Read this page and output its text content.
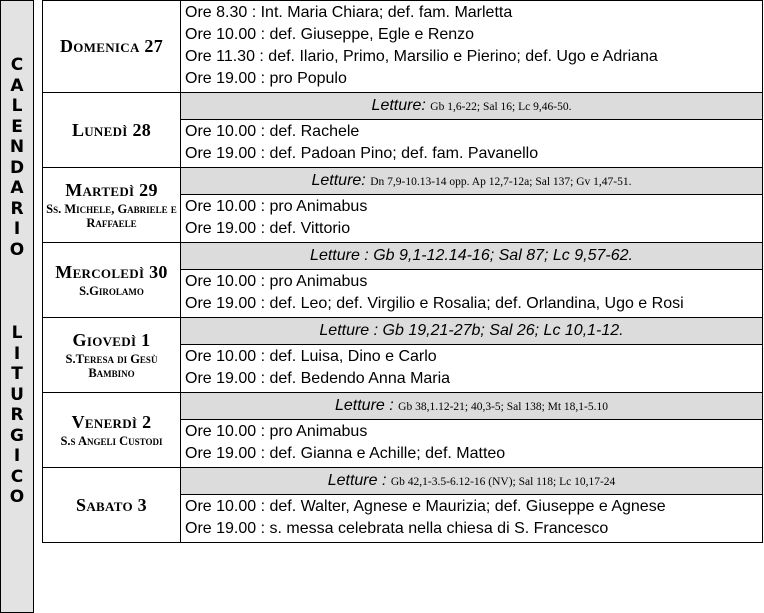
C
A
L
E
N
D
A
R
I
O
L
I
T
U
R
G
I
C
O
Domenica 27	Ore 8.30 : Int. Maria Chiara; def. fam. Marletta
Ore 10.00 : def. Giuseppe, Egle e Renzo
Ore 11.30 : def. Ilario, Primo, Marsilio e Pierino; def. Ugo e Adriana
Ore 19.00 : pro Populo

Lunedì 28	Letture: Gb 1,6-22; Sal 16; Lc 9,46-50.

	Ore 10.00 : def. Rachele
Ore 19.00 : def. Padoan Pino; def. fam. Pavanello

Martedì 29
Ss. Michele, Gabriele e Raffaele	Letture: Dn 7,9-10.13-14 opp. Ap 12,7-12a; Sal 137; Gv 1,47-51.

	Ore 10.00 : pro Animabus
Ore 19.00 : def. Vittorio

Mercoledì 30
S.Girolamo	Letture : Gb 9,1-12.14-16; Sal 87; Lc 9,57-62.

	Ore 10.00 : pro Animabus
Ore 19.00 : def. Leo; def. Virgilio e Rosalia; def. Orlandina, Ugo e Rosi

Giovedì 1
S.Teresa di Gesù Bambino	Letture : Gb 19,21-27b; Sal 26; Lc 10,1-12.

	Ore 10.00 : def. Luisa, Dino e Carlo
Ore 19.00 : def. Bedendo Anna Maria

Venerdì 2
S.s Angeli Custodi	Letture : Gb 38,1.12-21; 40,3-5; Sal 138; Mt 18,1-5.10

	Ore 10.00 : pro Animabus
Ore 19.00 : def. Gianna e Achille; def. Matteo

Sabato 3	Letture : Gb 42,1-3.5-6.12-16 (NV); Sal 118; Lc 10,17-24

	Ore 10.00 : def. Walter, Agnese e Maurizia; def. Giuseppe e Agnese
Ore 19.00 : s. messa celebrata nella chiesa di S. Francesco
